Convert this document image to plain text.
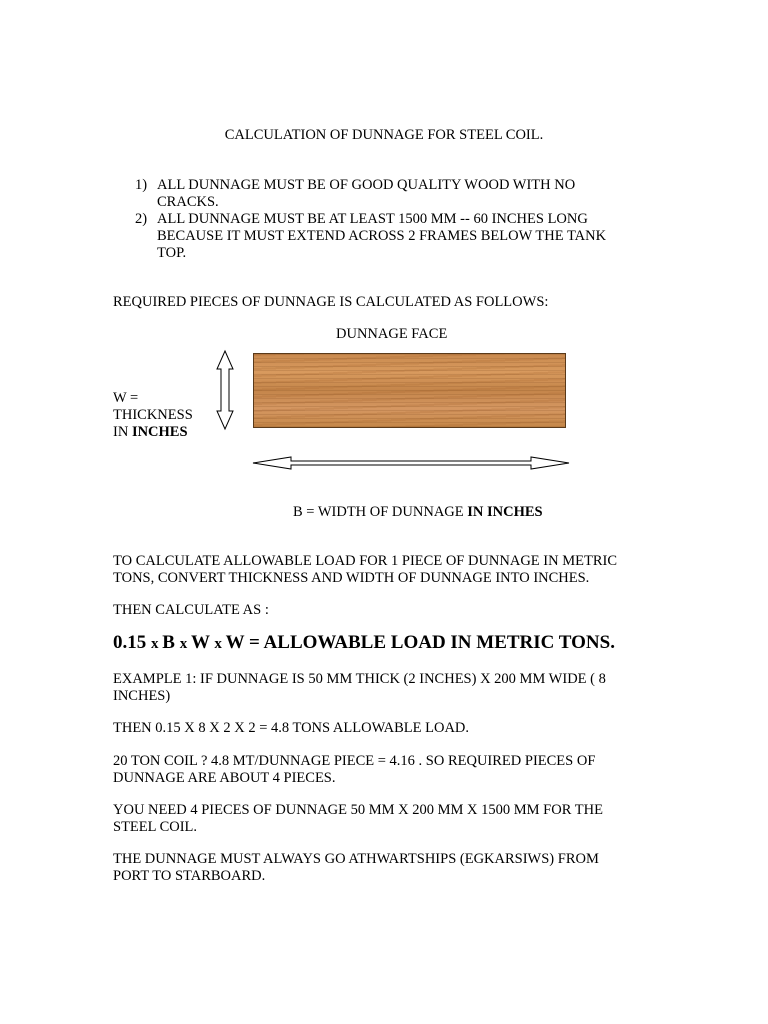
CALCULATION OF DUNNAGE FOR STEEL COIL.
1) ALL DUNNAGE MUST BE OF GOOD QUALITY WOOD WITH NO CRACKS.
2) ALL DUNNAGE MUST BE AT LEAST 1500 MM -- 60 INCHES LONG BECAUSE IT MUST EXTEND ACROSS 2 FRAMES BELOW THE TANK TOP.
REQUIRED PIECES OF DUNNAGE IS CALCULATED AS FOLLOWS:
DUNNAGE FACE
W =
THICKNESS
IN INCHES
B = WIDTH OF DUNNAGE IN INCHES
TO CALCULATE ALLOWABLE LOAD FOR 1 PIECE OF DUNNAGE IN METRIC TONS, CONVERT THICKNESS AND WIDTH OF DUNNAGE INTO INCHES.
THEN CALCULATE AS :
0.15 x B x W x W = ALLOWABLE LOAD IN METRIC TONS.
EXAMPLE 1: IF DUNNAGE IS 50 MM THICK (2 INCHES) X 200 MM WIDE ( 8 INCHES)
THEN 0.15 X 8 X 2 X 2 = 4.8 TONS ALLOWABLE LOAD.
20 TON COIL ? 4.8 MT/DUNNAGE PIECE = 4.16 . SO REQUIRED PIECES OF DUNNAGE ARE ABOUT 4 PIECES.
YOU NEED 4 PIECES OF DUNNAGE 50 MM X 200 MM X 1500 MM FOR THE STEEL COIL.
THE DUNNAGE MUST ALWAYS GO ATHWARTSHIPS (EGKARSIWS) FROM PORT TO STARBOARD.
